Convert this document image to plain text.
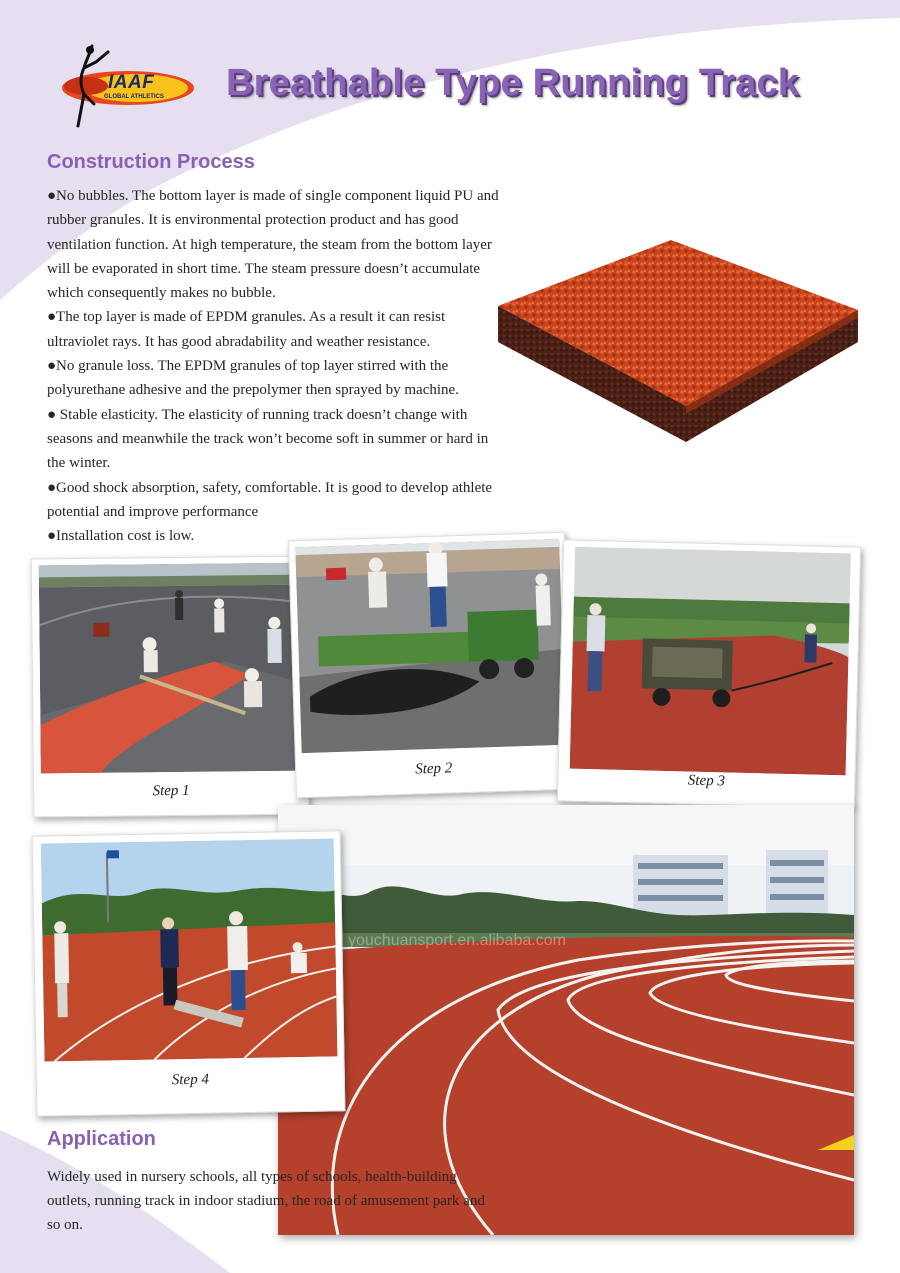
IAAF
GLOBAL ATHLETICS Breathable Type Running Track
Construction Process

●No bubbles. The bottom layer is made of single component liquid PU and rubber granules. It is environmental protection product and has good ventilation function. At high temperature, the steam from the bottom layer will be evaporated in short time. The steam pressure doesn’t accumulate which consequently makes no bubble.

●The top layer is made of EPDM granules. As a result it can resist ultraviolet rays. It has good abradability and weather resistance.

●No granule loss. The EPDM granules of top layer stirred with the polyurethane adhesive and the prepolymer then sprayed by machine.

● Stable elasticity. The elasticity of running track doesn’t change with seasons and meanwhile the track won’t become soft in summer or hard in the winter.

●Good shock absorption, safety, comfortable. It is good to develop athlete potential and improve performance

●Installation cost is low.

Step 1
Step 2
Step 3
youchuansport.en.alibaba.com
Step 4
Application

Widely used in nursery schools, all types of schools, health-building outlets, running track in indoor stadium, the road of amusement park and so on.
